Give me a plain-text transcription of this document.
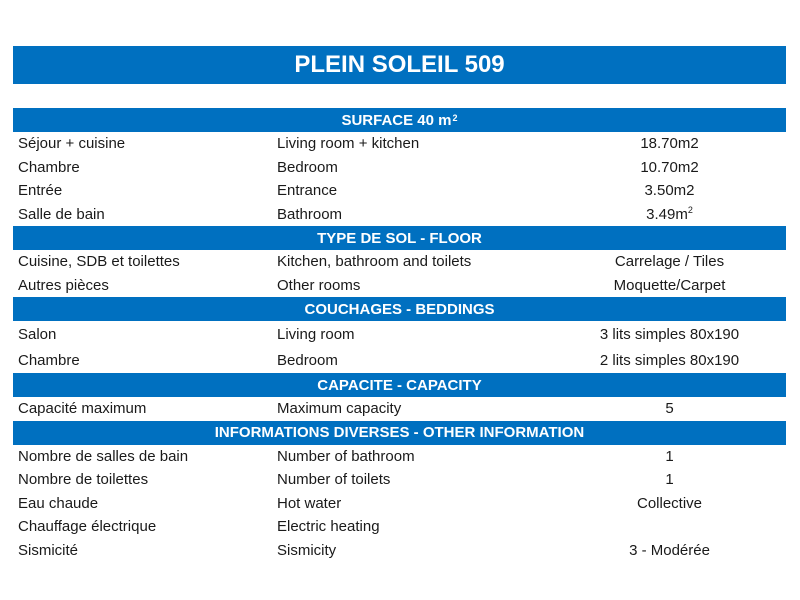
PLEIN SOLEIL 509
SURFACE 40 $m^2$
Séjour + cuisine	Living room + kitchen	18.70m2
Chambre	Bedroom	10.70m2
Entrée	Entrance	3.50m2
Salle de bain	Bathroom	$3.49m^2$
TYPE DE SOL - FLOOR
Cuisine, SDB et toilettes	Kitchen, bathroom and toilets	Carrelage / Tiles
Autres pièces	Other rooms	Moquette/Carpet
COUCHAGES - BEDDINGS
Salon	Living room	3 lits simples 80x190
Chambre	Bedroom	2 lits simples 80x190
CAPACITE - CAPACITY
Capacité maximum	Maximum capacity	5
INFORMATIONS DIVERSES - OTHER INFORMATION
Nombre de salles de bain	Number of bathroom	1
Nombre de toilettes	Number of toilets	1
Eau chaude	Hot water	Collective
Chauffage électrique	Electric heating
Sismicité	Sismicity	3 - Modérée
